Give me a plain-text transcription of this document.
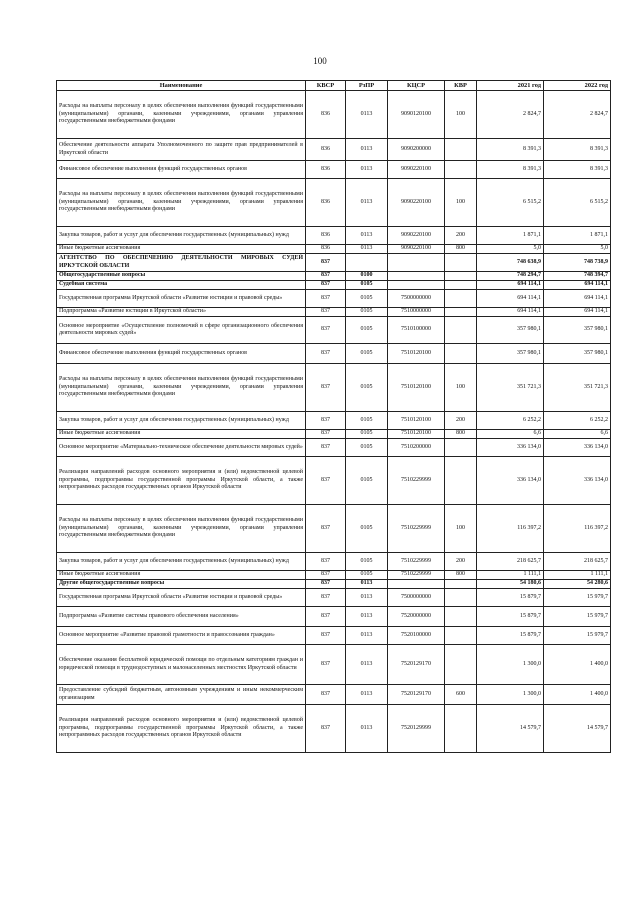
100
Наименование	КВСР	РзПР	КЦСР	КВР	2021 год	2022 год
Расходы на выплаты персоналу в целях обеспечения выполнения функций государственными (муниципальными) органами, казенными учреждениями, органами управления государственными внебюджетными фондами	836	0113	9090120100	100	2 824,7	2 824,7
Обеспечение деятельности аппарата Уполномоченного по защите прав предпринимателей в Иркутской области	836	0113	9090200000		8 391,3	8 391,3
Финансовое обеспечение выполнения функций государственных органов	836	0113	9090220100		8 391,3	8 391,3
Расходы на выплаты персоналу в целях обеспечения выполнения функций государственными (муниципальными) органами, казенными учреждениями, органами управления государственными внебюджетными фондами	836	0113	9090220100	100	6 515,2	6 515,2
Закупка товаров, работ и услуг для обеспечения государственных (муниципальных) нужд	836	0113	9090220100	200	1 871,1	1 871,1
Иные бюджетные ассигнования	836	0113	9090220100	800	5,0	5,0
АГЕНТСТВО ПО ОБЕСПЕЧЕНИЮ ДЕЯТЕЛЬНОСТИ МИРОВЫХ СУДЕЙ ИРКУТСКОЙ ОБЛАСТИ	837				748 638,9	748 738,9
Общегосударственные вопросы	837	0100			748 294,7	748 394,7
Судебная система	837	0105			694 114,1	694 114,1
Государственная программа Иркутской области «Развитие юстиции и правовой среды»	837	0105	7500000000		694 114,1	694 114,1
Подпрограмма «Развитие юстиции в Иркутской области»	837	0105	7510000000		694 114,1	694 114,1
Основное мероприятие «Осуществление полномочий в сфере организационного обеспечения деятельности мировых судей»	837	0105	7510100000		357 980,1	357 980,1
Финансовое обеспечение выполнения функций государственных органов	837	0105	7510120100		357 980,1	357 980,1
Расходы на выплаты персоналу в целях обеспечения выполнения функций государственными (муниципальными) органами, казенными учреждениями, органами управления государственными внебюджетными фондами	837	0105	7510120100	100	351 721,3	351 721,3
Закупка товаров, работ и услуг для обеспечения государственных (муниципальных) нужд	837	0105	7510120100	200	6 252,2	6 252,2
Иные бюджетные ассигнования	837	0105	7510120100	800	6,6	6,6
Основное мероприятие «Материально-техническое обеспечение деятельности мировых судей»	837	0105	7510200000		336 134,0	336 134,0
Реализация направлений расходов основного мероприятия и (или) ведомственной целевой программы, подпрограммы государственной программы Иркутской области, а также непрограммных расходов государственных органов Иркутской области	837	0105	7510229999		336 134,0	336 134,0
Расходы на выплаты персоналу в целях обеспечения выполнения функций государственными (муниципальными) органами, казенными учреждениями, органами управления государственными внебюджетными фондами	837	0105	7510229999	100	116 397,2	116 397,2
Закупка товаров, работ и услуг для обеспечения государственных (муниципальных) нужд	837	0105	7510229999	200	218 625,7	218 625,7
Иные бюджетные ассигнования	837	0105	7510229999	800	1 111,1	1 111,1
Другие общегосударственные вопросы	837	0113			54 180,6	54 280,6
Государственная программа Иркутской области «Развитие юстиции и правовой среды»	837	0113	7500000000		15 879,7	15 979,7
Подпрограмма «Развитие системы правового обеспечения населения»	837	0113	7520000000		15 879,7	15 979,7
Основное мероприятие «Развитие правовой грамотности и правосознания граждан»	837	0113	7520100000		15 879,7	15 979,7
Обеспечение оказания бесплатной юридической помощи по отдельным категориям граждан и юридической помощи в труднодоступных и малонаселенных местностях Иркутской области	837	0113	7520129170		1 300,0	1 400,0
Предоставление субсидий бюджетным, автономным учреждениям и иным некоммерческим организациям	837	0113	7520129170	600	1 300,0	1 400,0
Реализация направлений расходов основного мероприятия и (или) ведомственной целевой программы, подпрограммы государственной программы Иркутской области, а также непрограммных расходов государственных органов Иркутской области	837	0113	7520129999		14 579,7	14 579,7
